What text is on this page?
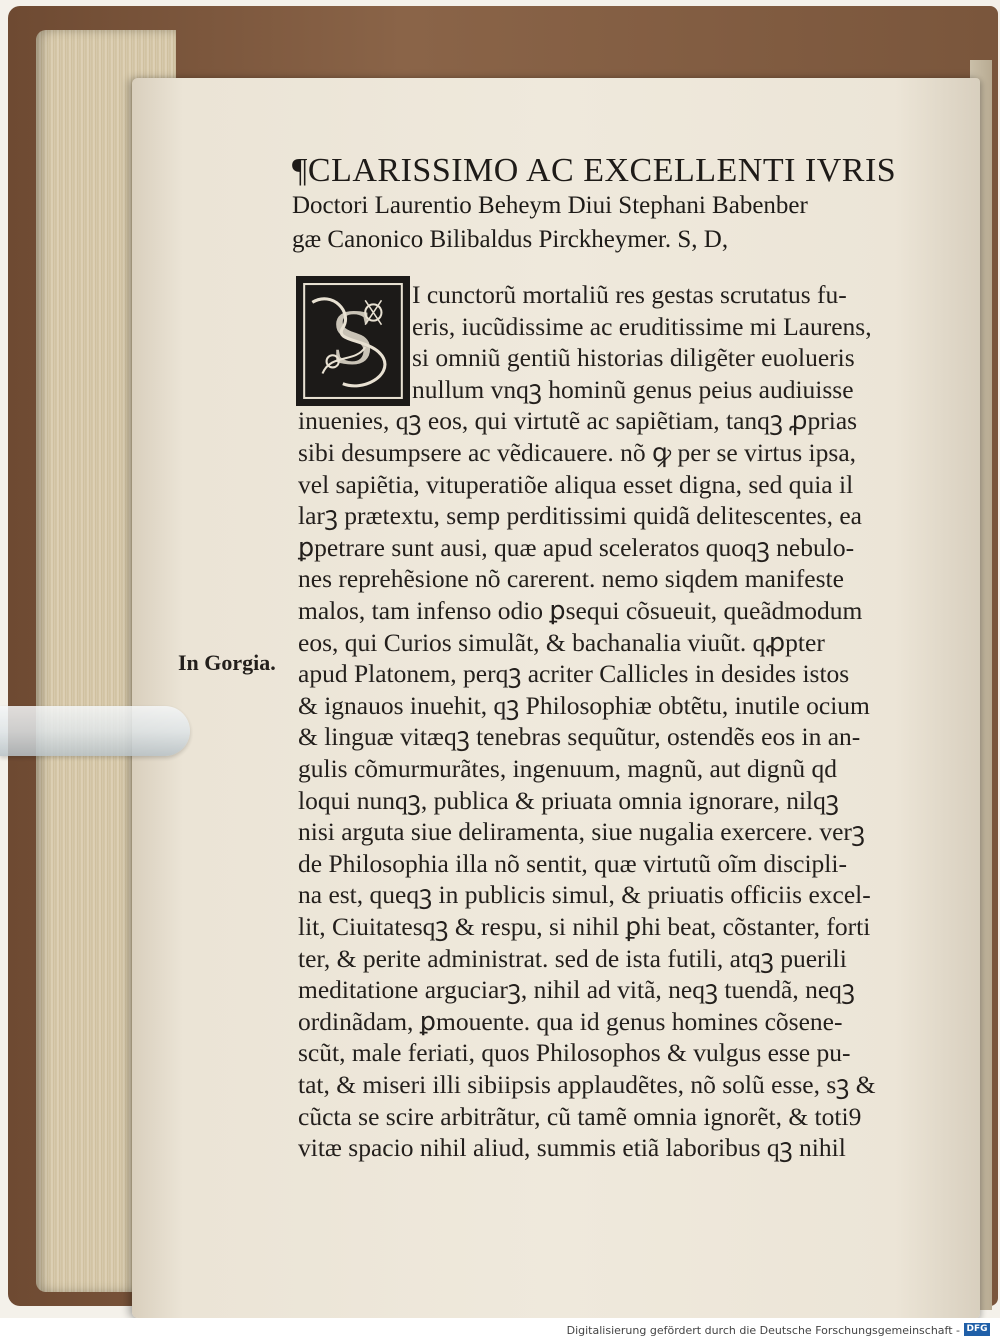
¶CLARISSIMO AC EXCELLENTI IVRIS

Doctori Laurentio Beheym Diui Stephani Babenber

gæ Canonico Bilibaldus Pirckheymer. S, D,

S I cunctorũ mortaliũ res gestas scrutatus fu-

eris, iucũdissime ac eruditissime mi Laurens,

si omniũ gentiũ historias diligẽter euolueris

nullum vnqꝫ hominũ genus peius audiuisse

inuenies, qꝫ eos, qui virtutẽ ac sapiẽtiam, tanqꝫ ꝓprias

sibi desumpsere ac vẽdicauere. nõ ꝙ per se virtus ipsa,

vel sapiẽtia, vituperatiõe aliqua esset digna, sed quia il

larꝫ prætextu, semp perditissimi quidã delitescentes, ea

ꝑpetrare sunt ausi, quæ apud sceleratos quoqꝫ nebulo-

nes reprehẽsione nõ carerent. nemo siqdem manifeste

malos, tam infenso odio ꝑsequi cõsueuit, queãdmodum

eos, qui Curios simulãt, & bachanalia viuũt. qꝓpter

apud Platonem, perqꝫ acriter Callicles in desides istos

& ignauos inuehit, qꝫ Philosophiæ obtẽtu, inutile ocium

& linguæ vitæqꝫ tenebras sequũtur, ostendẽs eos in an-

gulis cõmurmurãtes, ingenuum, magnũ, aut dignũ qd

loqui nunqꝫ, publica & priuata omnia ignorare, nilqꝫ

nisi arguta siue deliramenta, siue nugalia exercere. verꝫ

de Philosophia illa nõ sentit, quæ virtutũ oĩm discipli-

na est, queqꝫ in publicis simul, & priuatis officiis excel-

lit, Ciuitatesqꝫ & respu, si nihil ꝑhi beat, cõstanter, forti

ter, & perite administrat. sed de ista futili, atqꝫ puerili

meditatione arguciarꝫ, nihil ad vitã, neqꝫ tuendã, neqꝫ

ordinãdam, ꝑmouente. qua id genus homines cõsene-

scũt, male feriati, quos Philosophos & vulgus esse pu-

tat, & miseri illi sibiipsis applaudẽtes, nõ solũ esse, sꝫ &

cũcta se scire arbitrãtur, cũ tamẽ omnia ignorẽt, & toti9

vitæ spacio nihil aliud, summis etiã laboribus qꝫ nihil

In Gorgia.

Digitalisierung gefördert durch die Deutsche Forschungsgemeinschaft - DFG
